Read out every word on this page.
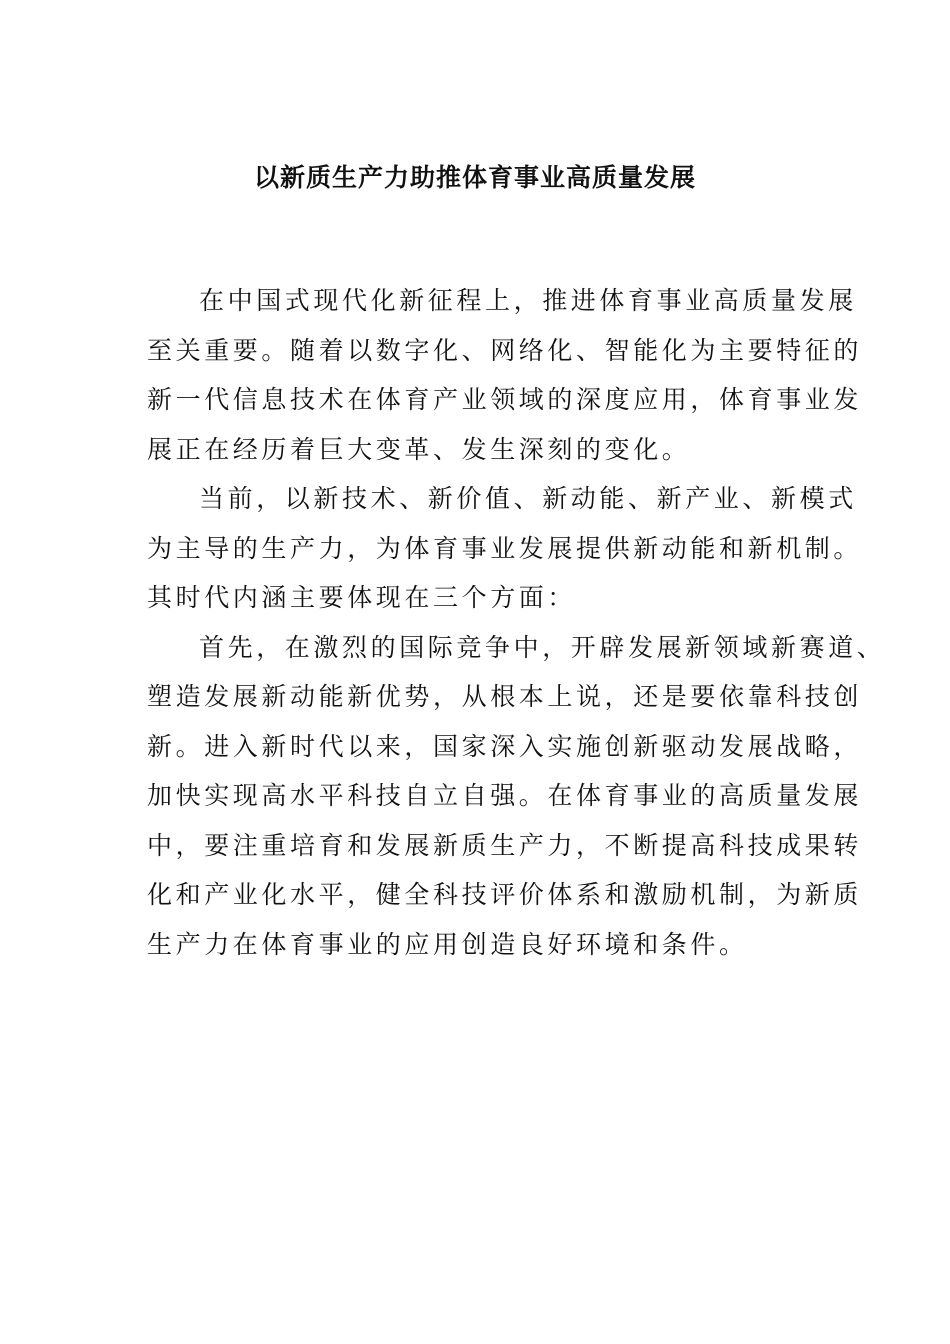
以新质生产力助推体育事业高质量发展

在中国式现代化新征程上，推进体育事业高质量发展
至关重要。随着以数字化、网络化、智能化为主要特征的
新一代信息技术在体育产业领域的深度应用，体育事业发
展正在经历着巨大变革、发生深刻的变化。

当前，以新技术、新价值、新动能、新产业、新模式
为主导的生产力，为体育事业发展提供新动能和新机制。
其时代内涵主要体现在三个方面：

首先，在激烈的国际竞争中，开辟发展新领域新赛道、
塑造发展新动能新优势，从根本上说，还是要依靠科技创
新。进入新时代以来，国家深入实施创新驱动发展战略，
加快实现高水平科技自立自强。在体育事业的高质量发展
中，要注重培育和发展新质生产力，不断提高科技成果转
化和产业化水平，健全科技评价体系和激励机制，为新质
生产力在体育事业的应用创造良好环境和条件。
